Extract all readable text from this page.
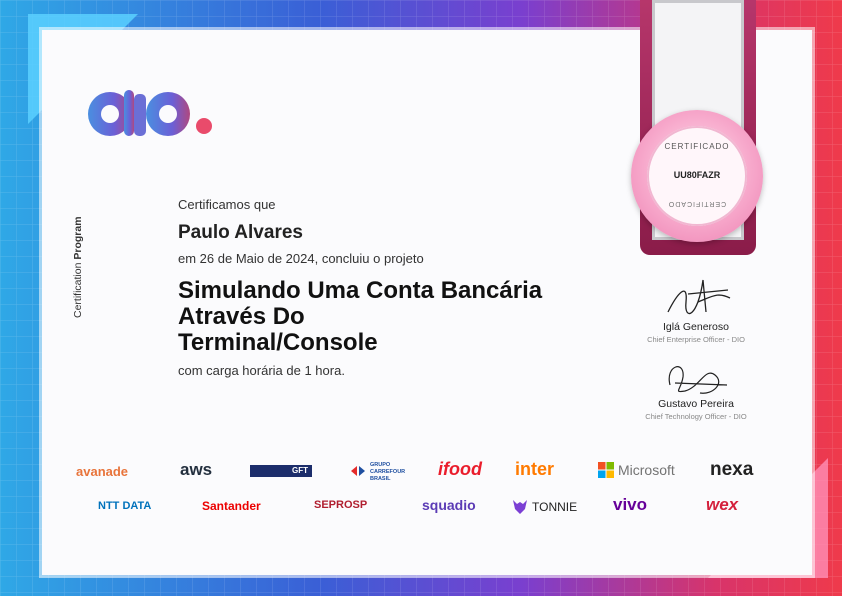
Certification Program
Certificamos que
Paulo Alvares
em 26 de Maio de 2024, concluiu o projeto
Simulando Uma Conta Bancária
Através Do
Terminal/Console
com carga horária de 1 hora.
CERTIFICADO
UU80FAZR
CERTIFICADO
Iglá Generoso
Chief Enterprise Officer - DIO
Gustavo Pereira
Chief Technology Officer - DIO
avanade	aws	GFT
GRUPO CARREFOUR BRASIL	ifood inter	Microsoft nexa
NTT DATA	Santander	SEPROSP	squadio	TONNIE vivo	wex
